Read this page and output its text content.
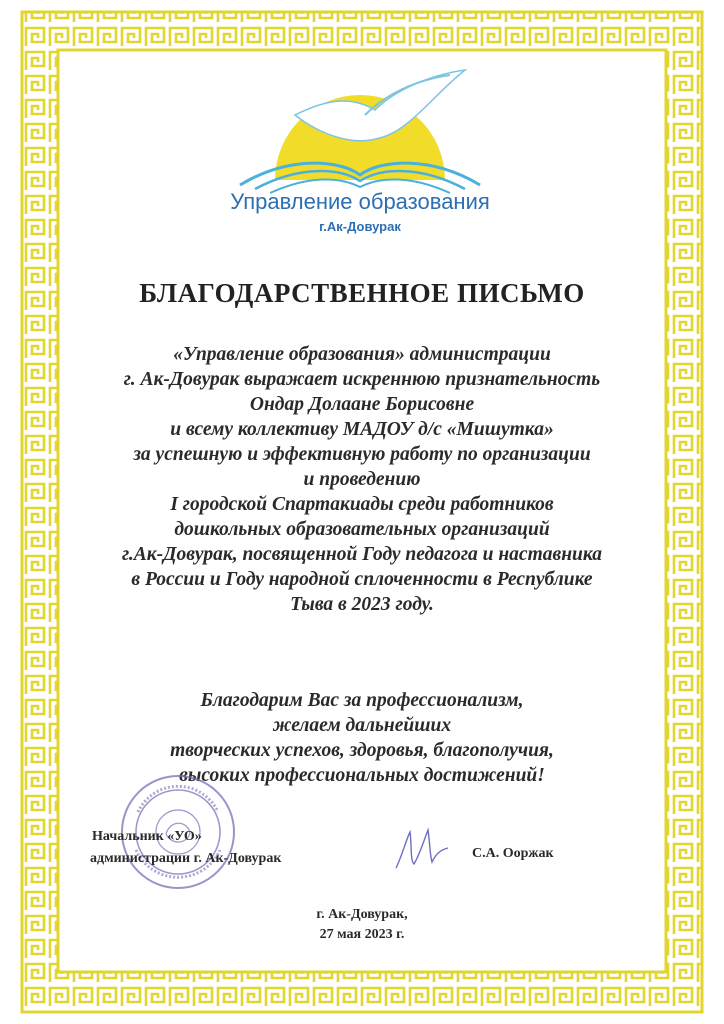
Управление образования
г.Ак-Довурак
БЛАГОДАРСТВЕННОЕ ПИСЬМО
«Управление образования» администрации
г. Ак-Довурак выражает искреннюю признательность
Ондар Долаане Борисовне
и всему коллективу МАДОУ д/с «Мишутка»
за успешную и эффективную работу по организации
и проведению
I городской Спартакиады среди работников
дошкольных образовательных организаций
г.Ак-Довурак, посвященной Году педагога и наставника
в России и Году народной сплоченности в Республике
Тыва в 2023 году.
Благодарим Вас за профессионализм,
желаем дальнейших
творческих успехов, здоровья, благополучия,
высоких профессиональных достижений!
Начальник «УО»
администрации г. Ак-Довурак	С.А. Ооржак
г. Ак-Довурак,
27 мая 2023 г.
